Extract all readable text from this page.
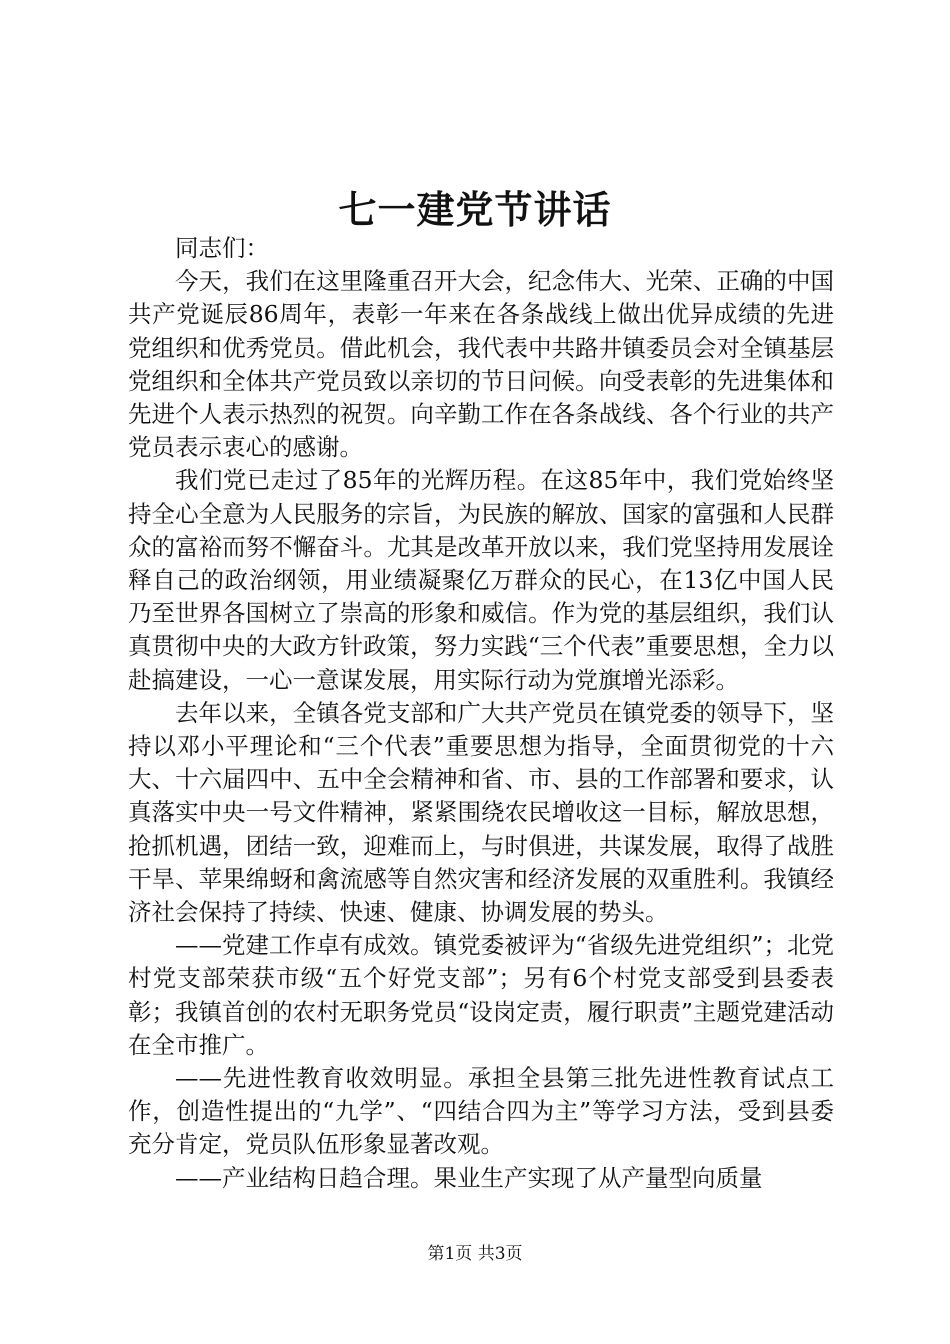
七一建党节讲话

同志们：

今天，我们在这里隆重召开大会，纪念伟大、光荣、正确的中国共产党诞辰86周年，表彰一年来在各条战线上做出优异成绩的先进党组织和优秀党员。借此机会，我代表中共路井镇委员会对全镇基层党组织和全体共产党员致以亲切的节日问候。向受表彰的先进集体和先进个人表示热烈的祝贺。向辛勤工作在各条战线、各个行业的共产党员表示衷心的感谢。

我们党已走过了85年的光辉历程。在这85年中，我们党始终坚持全心全意为人民服务的宗旨，为民族的解放、国家的富强和人民群众的富裕而努不懈奋斗。尤其是改革开放以来，我们党坚持用发展诠释自己的政治纲领，用业绩凝聚亿万群众的民心，在13亿中国人民乃至世界各国树立了崇高的形象和威信。作为党的基层组织，我们认真贯彻中央的大政方针政策，努力实践“三个代表”重要思想，全力以赴搞建设，一心一意谋发展，用实际行动为党旗增光添彩。

去年以来，全镇各党支部和广大共产党员在镇党委的领导下，坚持以邓小平理论和“三个代表”重要思想为指导，全面贯彻党的十六大、十六届四中、五中全会精神和省、市、县的工作部署和要求，认真落实中央一号文件精神，紧紧围绕农民增收这一目标，解放思想，抢抓机遇，团结一致，迎难而上，与时俱进，共谋发展，取得了战胜干旱、苹果绵蚜和禽流感等自然灾害和经济发展的双重胜利。我镇经济社会保持了持续、快速、健康、协调发展的势头。

——党建工作卓有成效。镇党委被评为“省级先进党组织”；北党村党支部荣获市级“五个好党支部”；另有6个村党支部受到县委表彰；我镇首创的农村无职务党员“设岗定责，履行职责”主题党建活动在全市推广。

——先进性教育收效明显。承担全县第三批先进性教育试点工作，创造性提出的“九学”、“四结合四为主”等学习方法，受到县委充分肯定，党员队伍形象显著改观。

——产业结构日趋合理。果业生产实现了从产量型向质量

第1页 共3页
